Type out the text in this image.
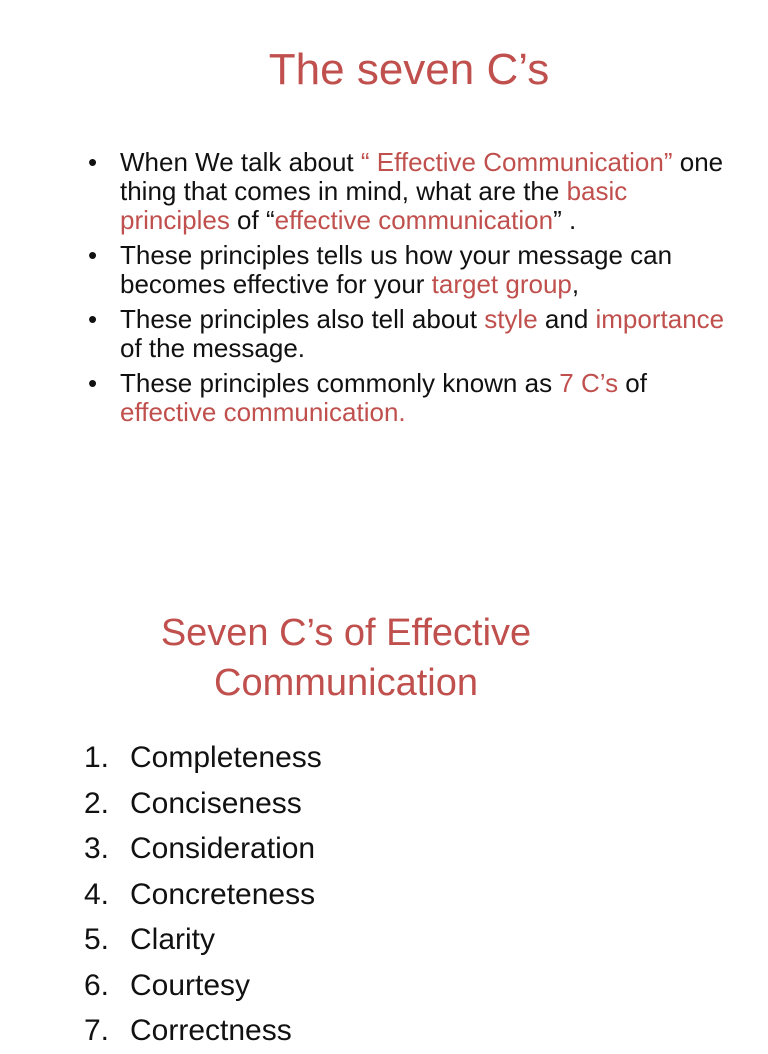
The seven C’s
• When We talk about “ Effective Communication” one thing that comes in mind, what are the basic principles of “effective communication” .
• These principles tells us how your message can becomes effective for your target group,
• These principles also tell about style and importance of the message.
• These principles commonly known as 7 C’s of effective communication.
Seven C’s of Effective
Communication
1. Completeness
2. Conciseness
3. Consideration
4. Concreteness
5. Clarity
6. Courtesy
7. Correctness
